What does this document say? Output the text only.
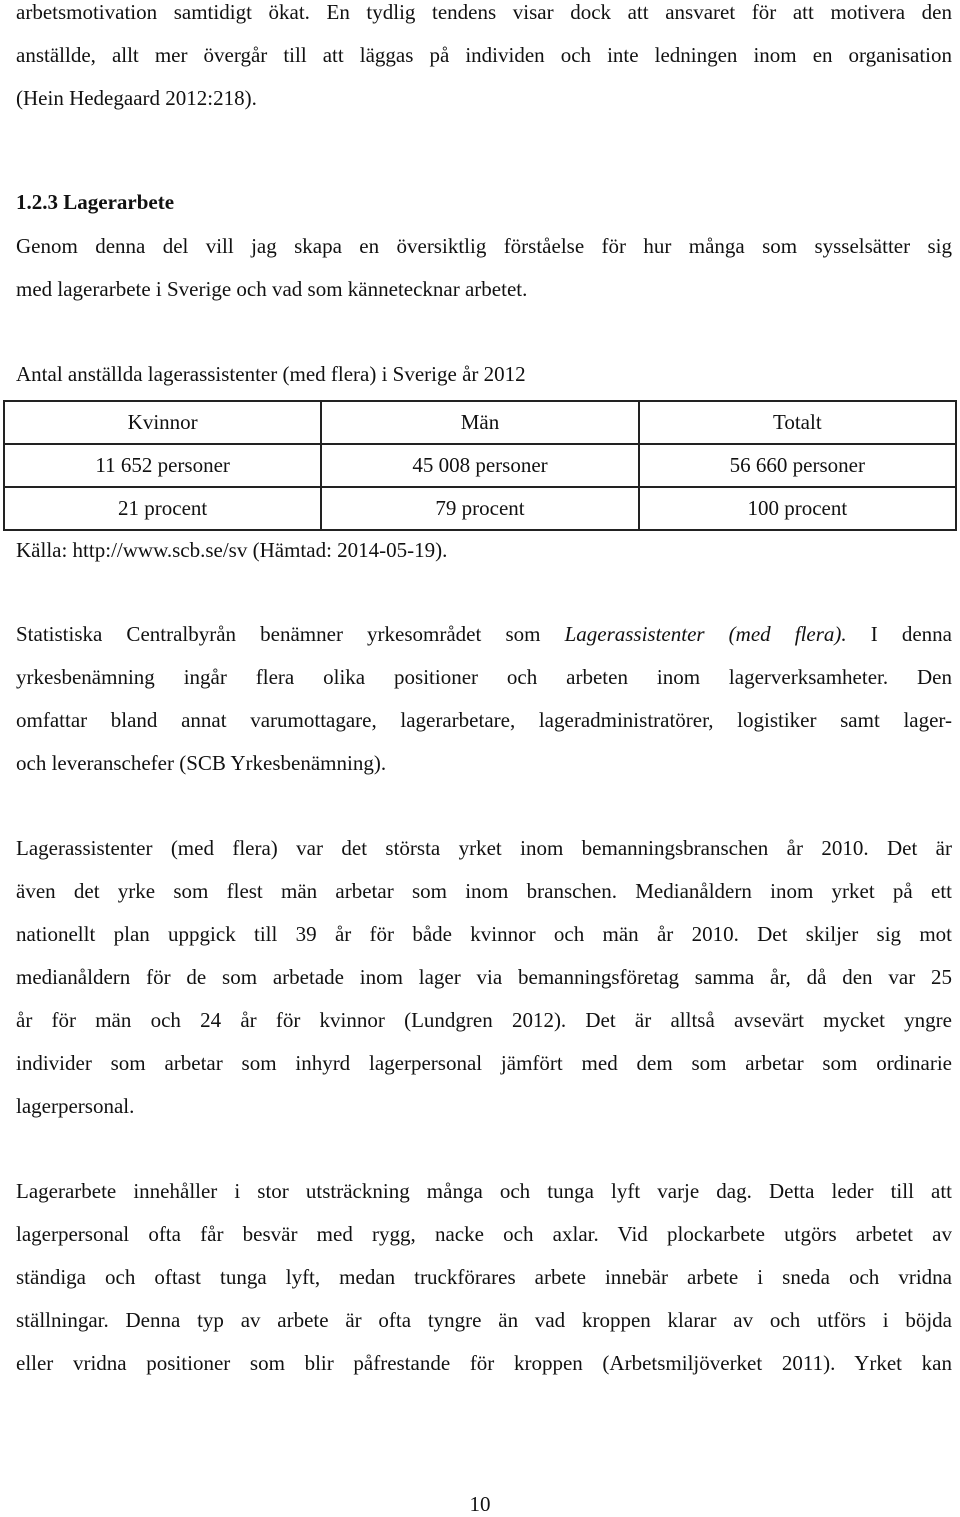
arbetsmotivation samtidigt ökat. En tydlig tendens visar dock att ansvaret för att motivera den
anställde, allt mer övergår till att läggas på individen och inte ledningen inom en organisation
(Hein Hedegaard 2012:218).
1.2.3 Lagerarbete
Genom denna del vill jag skapa en översiktlig förståelse för hur många som sysselsätter sig
med lagerarbete i Sverige och vad som kännetecknar arbetet.
Antal anställda lagerassistenter (med flera) i Sverige år 2012
Kvinnor	Män	Totalt
11 652 personer	45 008 personer	56 660 personer
21 procent	79 procent	100 procent
Källa: http://www.scb.se/sv (Hämtad: 2014-05-19).
Statistiska Centralbyrån benämner yrkesområdet som Lagerassistenter (med flera). I denna
yrkesbenämning ingår flera olika positioner och arbeten inom lagerverksamheter. Den
omfattar bland annat varumottagare, lagerarbetare, lageradministratörer, logistiker samt lager-
och leveranschefer (SCB Yrkesbenämning).
Lagerassistenter (med flera) var det största yrket inom bemanningsbranschen år 2010. Det är
även det yrke som flest män arbetar som inom branschen. Medianåldern inom yrket på ett
nationellt plan uppgick till 39 år för både kvinnor och män år 2010. Det skiljer sig mot
medianåldern för de som arbetade inom lager via bemanningsföretag samma år, då den var 25
år för män och 24 år för kvinnor (Lundgren 2012). Det är alltså avsevärt mycket yngre
individer som arbetar som inhyrd lagerpersonal jämfört med dem som arbetar som ordinarie
lagerpersonal.
Lagerarbete innehåller i stor utsträckning många och tunga lyft varje dag. Detta leder till att
lagerpersonal ofta får besvär med rygg, nacke och axlar. Vid plockarbete utgörs arbetet av
ständiga och oftast tunga lyft, medan truckförares arbete innebär arbete i sneda och vridna
ställningar. Denna typ av arbete är ofta tyngre än vad kroppen klarar av och utförs i böjda
eller vridna positioner som blir påfrestande för kroppen (Arbetsmiljöverket 2011). Yrket kan
10
